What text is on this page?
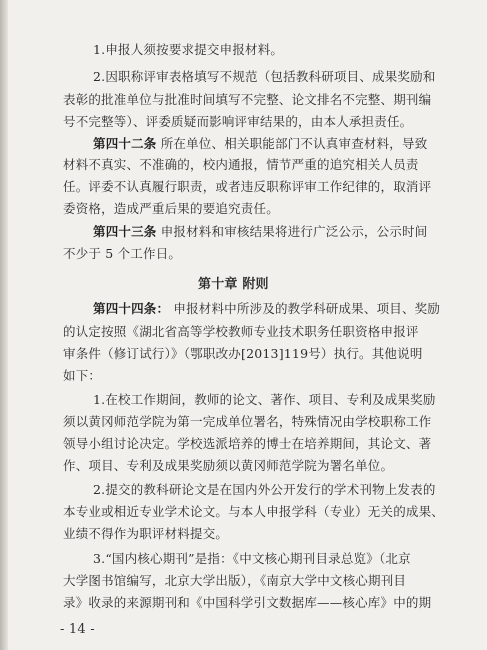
1.申报人须按要求提交申报材料。
2.因职称评审表格填写不规范（包括教科研项目、成果奖励和
表彰的批准单位与批准时间填写不完整、论文排名不完整、期刊编
号不完整等）、评委质疑而影响评审结果的，由本人承担责任。
第四十二条 所在单位、相关职能部门不认真审查材料，导致
材料不真实、不准确的，校内通报，情节严重的追究相关人员责
任。评委不认真履行职责，或者违反职称评审工作纪律的，取消评
委资格，造成严重后果的要追究责任。
第四十三条 申报材料和审核结果将进行广泛公示，公示时间
不少于 5 个工作日。
第十章 附则
第四十四条： 申报材料中所涉及的教学科研成果、项目、奖励
的认定按照《湖北省高等学校教师专业技术职务任职资格申报评
审条件（修订试行）》（鄂职改办[2013]119号）执行。其他说明
如下：
1.在校工作期间，教师的论文、著作、项目、专利及成果奖励
须以黄冈师范学院为第一完成单位署名，特殊情况由学校职称工作
领导小组讨论决定。学校选派培养的博士在培养期间，其论文、著
作、项目、专利及成果奖励须以黄冈师范学院为署名单位。
2.提交的教科研论文是在国内外公开发行的学术刊物上发表的
本专业或相近专业学术论文。与本人申报学科（专业）无关的成果、
业绩不得作为职评材料提交。
3.“国内核心期刊”是指：《中文核心期刊目录总览》（北京
大学图书馆编写，北京大学出版），《南京大学中文核心期刊目
录》收录的来源期刊和《中国科学引文数据库——核心库》中的期
- 14 -
